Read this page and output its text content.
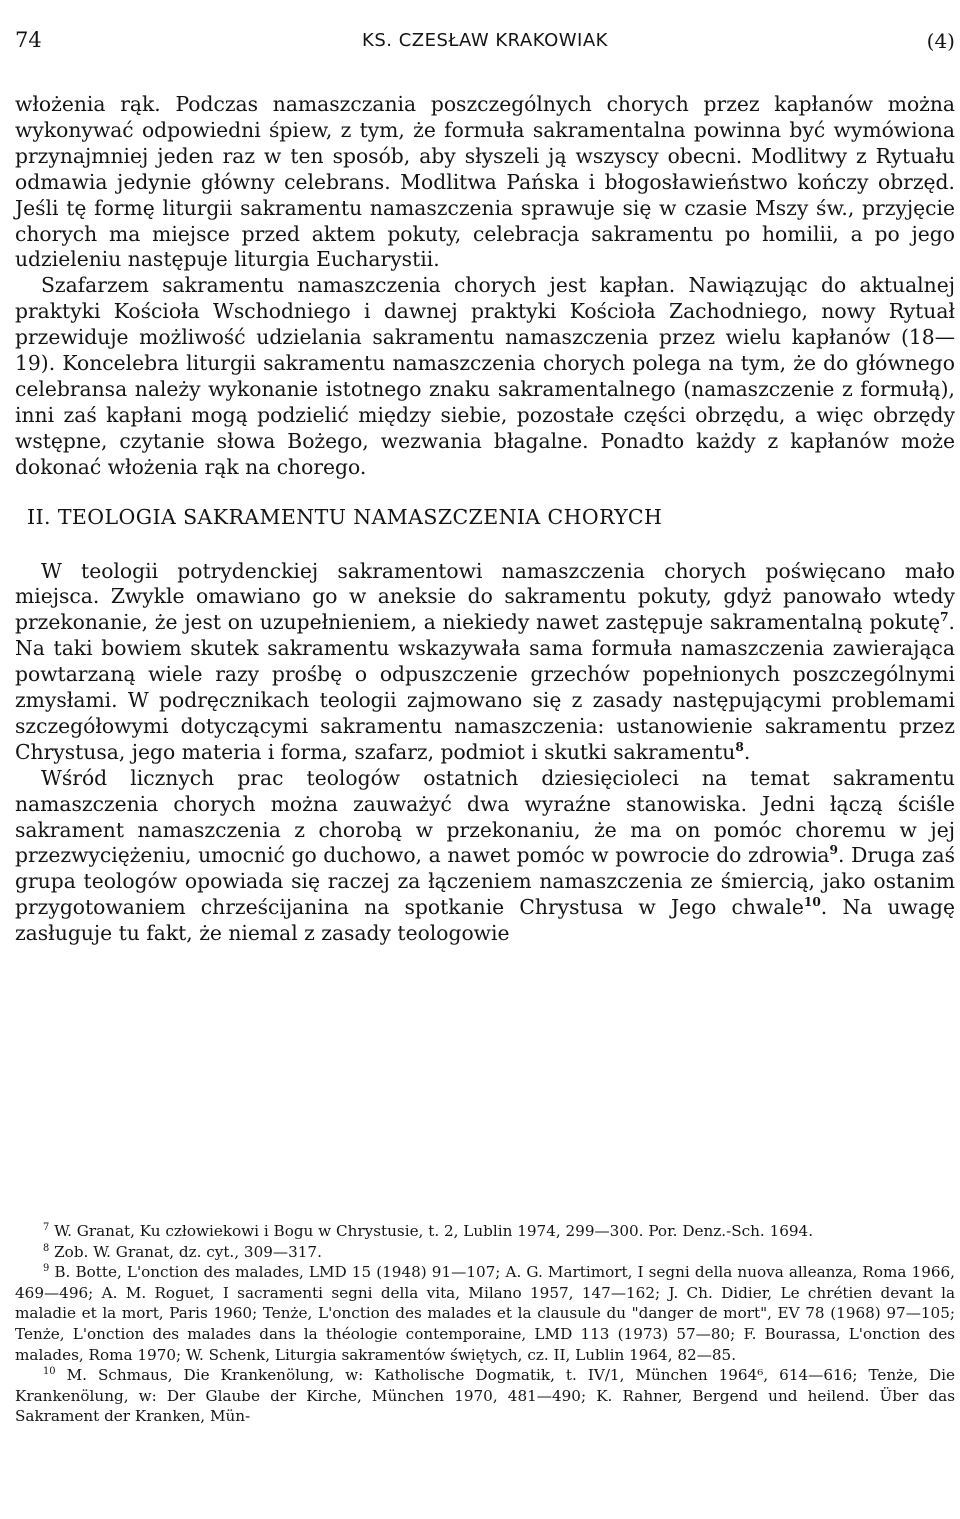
74	KS. CZESŁAW KRAKOWIAK	(4)

włożenia rąk. Podczas namaszczania poszczególnych chorych przez kapłanów można wykonywać odpowiedni śpiew, z tym, że formuła sakramentalna powinna być wymówiona przynajmniej jeden raz w ten sposób, aby słyszeli ją wszyscy obecni. Modlitwy z Rytuału odmawia jedynie główny celebrans. Modlitwa Pańska i błogosławieństwo kończy obrzęd. Jeśli tę formę liturgii sakramentu namaszczenia sprawuje się w czasie Mszy św., przyjęcie chorych ma miejsce przed aktem pokuty, celebracja sakramentu po homilii, a po jego udzieleniu następuje liturgia Eucharystii.

Szafarzem sakramentu namaszczenia chorych jest kapłan. Nawiązując do aktualnej praktyki Kościoła Wschodniego i dawnej praktyki Kościoła Zachodniego, nowy Rytuał przewiduje możliwość udzielania sakramentu namaszczenia przez wielu kapłanów (18—19). Koncelebra liturgii sakramentu namaszczenia chorych polega na tym, że do głównego celebransa należy wykonanie istotnego znaku sakramentalnego (namaszczenie z formułą), inni zaś kapłani mogą podzielić między siebie, pozostałe części obrzędu, a więc obrzędy wstępne, czytanie słowa Bożego, wezwania błagalne. Ponadto każdy z kapłanów może dokonać włożenia rąk na chorego.

II. TEOLOGIA SAKRAMENTU NAMASZCZENIA CHORYCH

W teologii potrydenckiej sakramentowi namaszczenia chorych poświęcano mało miejsca. Zwykle omawiano go w aneksie do sakramentu pokuty, gdyż panowało wtedy przekonanie, że jest on uzupełnieniem, a niekiedy nawet zastępuje sakramentalną pokutę$^7$. Na taki bowiem skutek sakramentu wskazywała sama formuła namaszczenia zawierająca powtarzaną wiele razy prośbę o odpuszczenie grzechów popełnionych poszczególnymi zmysłami. W podręcznikach teologii zajmowano się z zasady następującymi problemami szczegółowymi dotyczącymi sakramentu namaszczenia: ustanowienie sakramentu przez Chrystusa, jego materia i forma, szafarz, podmiot i skutki sakramentu$^8$.

Wśród licznych prac teologów ostatnich dziesięcioleci na temat sakramentu namaszczenia chorych można zauważyć dwa wyraźne stanowiska. Jedni łączą ściśle sakrament namaszczenia z chorobą w przekonaniu, że ma on pomóc choremu w jej przezwyciężeniu, umocnić go duchowo, a nawet pomóc w powrocie do zdrowia$^9$. Druga zaś grupa teologów opowiada się raczej za łączeniem namaszczenia ze śmiercią, jako ostanim przygotowaniem chrześcijanina na spotkanie Chrystusa w Jego chwale$^{10}$. Na uwagę zasługuje tu fakt, że niemal z zasady teologowie

$^7$ W. Granat, Ku człowiekowi i Bogu w Chrystusie, t. 2, Lublin 1974, 299—300. Por. Denz.-Sch. 1694.

$^8$ Zob. W. Granat, dz. cyt., 309—317.

$^9$ B. Botte, L'onction des malades, LMD 15 (1948) 91—107; A. G. Martimort, I segni della nuova alleanza, Roma 1966, 469—496; A. M. Roguet, I sacramenti segni della vita, Milano 1957, 147—162; J. Ch. Didier, Le chrétien devant la maladie et la mort, Paris 1960; Tenże, L'onction des malades et la clausule du "danger de mort", EV 78 (1968) 97—105; Tenże, L'onction des malades dans la théologie contemporaine, LMD 113 (1973) 57—80; F. Bourassa, L'onction des malades, Roma 1970; W. Schenk, Liturgia sakramentów świętych, cz. II, Lublin 1964, 82—85.

$^{10}$ M. Schmaus, Die Krankenölung, w: Katholische Dogmatik, t. IV/1, München 1964⁶, 614—616; Tenże, Die Krankenölung, w: Der Glaube der Kirche, München 1970, 481—490; K. Rahner, Bergend und heilend. Über das Sakrament der Kranken, Mün-
